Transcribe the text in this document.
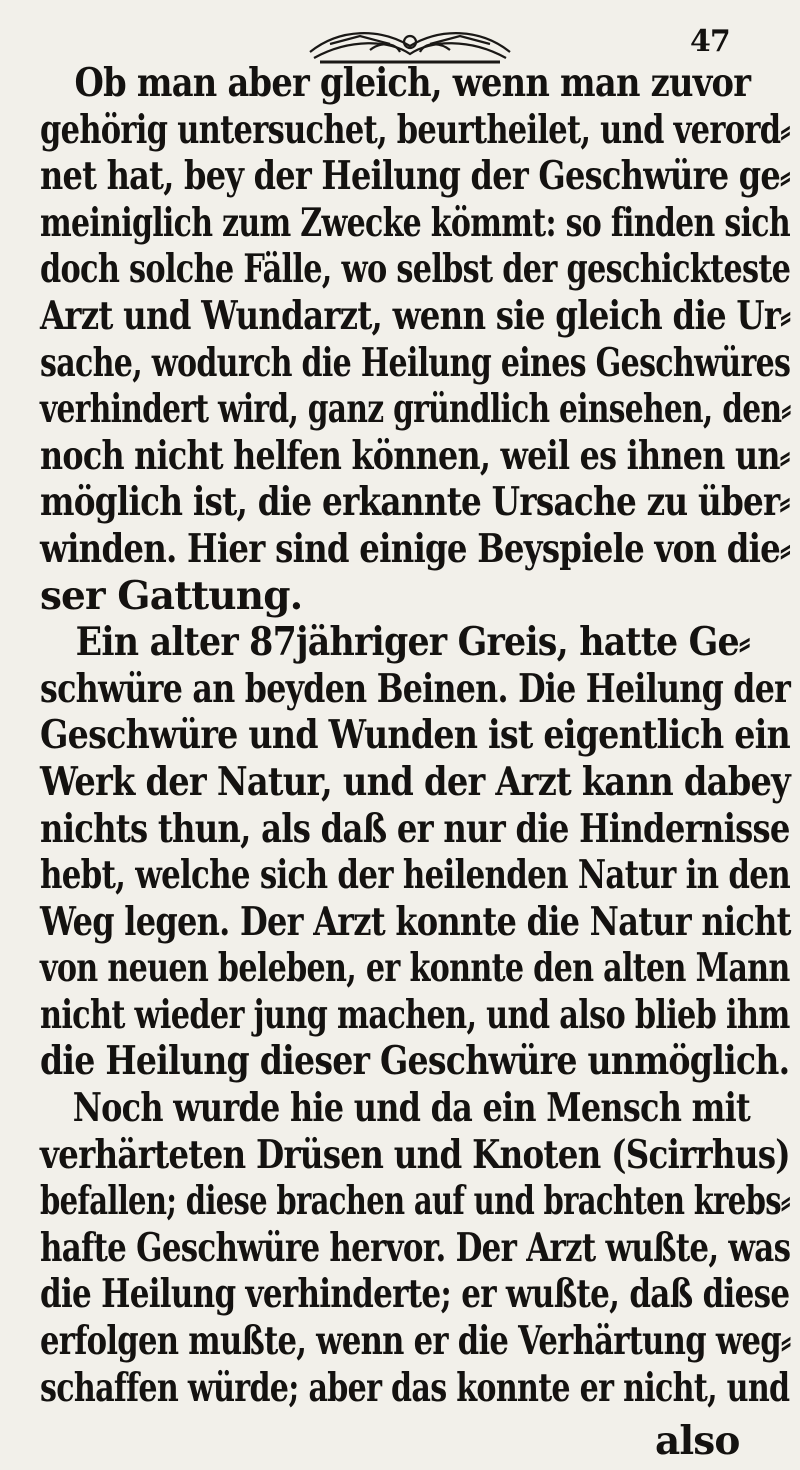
47
Ob man aber gleich, wenn man zuvor
gehörig untersuchet, beurtheilet, und verord⸗
net hat, bey der Heilung der Geschwüre ge⸗
meiniglich zum Zwecke kömmt: so finden sich
doch solche Fälle, wo selbst der geschickteste
Arzt und Wundarzt, wenn sie gleich die Ur⸗
sache, wodurch die Heilung eines Geschwüres
verhindert wird, ganz gründlich einsehen, den⸗
noch nicht helfen können, weil es ihnen un⸗
möglich ist, die erkannte Ursache zu über⸗
winden. Hier sind einige Beyspiele von die⸗
ser Gattung.
Ein alter 87jähriger Greis, hatte Ge⸗
schwüre an beyden Beinen. Die Heilung der
Geschwüre und Wunden ist eigentlich ein
Werk der Natur, und der Arzt kann dabey
nichts thun, als daß er nur die Hindernisse
hebt, welche sich der heilenden Natur in den
Weg legen. Der Arzt konnte die Natur nicht
von neuen beleben, er konnte den alten Mann
nicht wieder jung machen, und also blieb ihm
die Heilung dieser Geschwüre unmöglich.
Noch wurde hie und da ein Mensch mit
verhärteten Drüsen und Knoten (Scirrhus)
befallen; diese brachen auf und brachten krebs⸗
hafte Geschwüre hervor. Der Arzt wußte, was
die Heilung verhinderte; er wußte, daß diese
erfolgen mußte, wenn er die Verhärtung weg⸗
schaffen würde; aber das konnte er nicht, und
also
